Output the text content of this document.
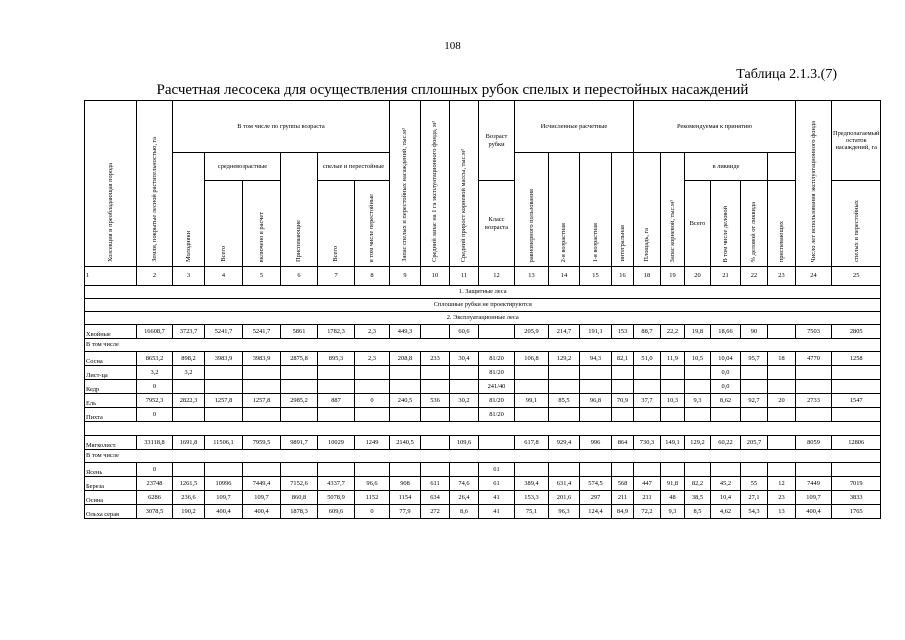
108
Таблица 2.1.3.(7)
Расчетная лесосека для осуществления сплошных рубок спелых и перестойных насаждений
Хозсекция и преобладающая порода	Земли, покрытые лесной растительностью, га	В том числе по группы возраста						Запас спелых и перестойных насаждений, тыс.м³	Средний запас на 1 га эксплуатационного фонда, м³	Средний прирост корневой массы, тыс.м³	Возраст рубки	Исчисленные расчетные				Рекомендуемая к принятию						Число лет использования эксплуатационного фонда	Предполагаемый остаток насаждений, га
		Молодняки	средневозрастные		Приспевающие	спелые и перестойные						равномерного пользования	2-я возрастная	1-я возрастная	интегральная	Площадь, га	Запас корневой, тыс.м³	в ликвиде					
			Всего	включено в расчет		Всего	в том числе перестойные				Класс возраста							Всего	В том числе деловой	% деловой от ликвида	приспевающих		спелых и перестойных

1	2	3	4	5	6	7	8	9	10	11	12	13	14	15	16	18	19	20	21	22	23	24	25
1. Защитные леса																							
Сплошные рубки не проектируются																							
2. Эксплуатационные леса																							
Хвойные	16608,7	3723,7	5241,7	5241,7	5861	1782,3	2,3	449,3		60,6		205,9	214,7	191,1	153	88,7	22,2	19,8	18,66	90		7503	2805
В том числе																							
Сосна	8653,2	898,2	3983,9	3983,9	2875,8	895,3	2,3	208,8	233	30,4	81/20	106,8	129,2	94,3	82,1	51,0	11,9	10,5	10,04	95,7	18	4770	1258
Лист-ца	3,2	3,2									81/20								0,0				
Кедр	0										241/40								0,0				
Ель	7952,3	2822,3	1257,8	1257,8	2985,2	887	0	240,5	536	30,2	81/20	99,1	85,5	96,8	70,9	37,7	10,3	9,3	8,62	92,7	20	2733	1547
Пихта	0										81/20												

Мягколист.	33118,8	1691,8	11506,1	7959,5	9891,7	10029	1249	2140,5		109,6		617,8	929,4	996	864	730,3	149,1	129,2	60,22	205,7		8059	12806
В том числе																							
Ясень	0										61												
Береза	23748	1261,5	10996	7449,4	7152,6	4337,7	96,6	908	611	74,6	61	389,4	631,4	574,5	568	447	91,8	82,2	45,2	55	12	7449	7019
Осина	6286	236,6	109,7	109,7	860,8	5078,9	1152	1154	634	26,4	41	153,3	201,6	297	211	211	48	38,5	10,4	27,1	23	109,7	3833
Ольха серая	3078,5	190,2	400,4	400,4	1878,3	609,6	0	77,9	272	8,6	41	75,1	96,3	124,4	84,9	72,2	9,3	8,5	4,62	54,3	13	400,4	1765
